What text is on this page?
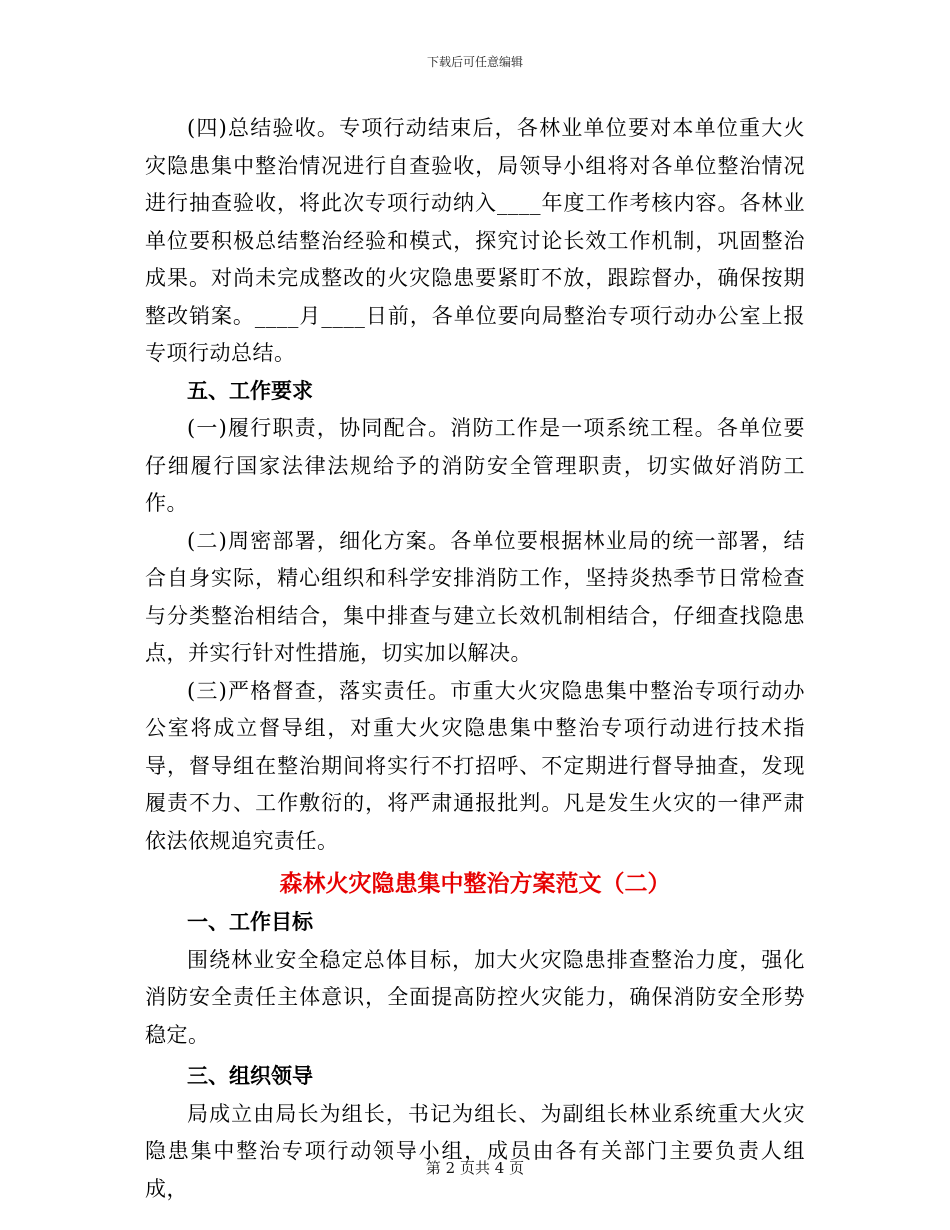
下载后可任意编辑

(四)总结验收。专项行动结束后，各林业单位要对本单位重大火灾隐患集中整治情况进行自查验收，局领导小组将对各单位整治情况进行抽查验收，将此次专项行动纳入____年度工作考核内容。各林业单位要积极总结整治经验和模式，探究讨论长效工作机制，巩固整治成果。对尚未完成整改的火灾隐患要紧盯不放，跟踪督办，确保按期整改销案。____月____日前，各单位要向局整治专项行动办公室上报专项行动总结。

五、工作要求

(一)履行职责，协同配合。消防工作是一项系统工程。各单位要仔细履行国家法律法规给予的消防安全管理职责，切实做好消防工作。

(二)周密部署，细化方案。各单位要根据林业局的统一部署，结合自身实际，精心组织和科学安排消防工作，坚持炎热季节日常检查与分类整治相结合，集中排查与建立长效机制相结合，仔细查找隐患点，并实行针对性措施，切实加以解决。

(三)严格督查，落实责任。市重大火灾隐患集中整治专项行动办公室将成立督导组，对重大火灾隐患集中整治专项行动进行技术指导，督导组在整治期间将实行不打招呼、不定期进行督导抽查，发现履责不力、工作敷衍的，将严肃通报批判。凡是发生火灾的一律严肃依法依规追究责任。

森林火灾隐患集中整治方案范文（二）

一、工作目标

围绕林业安全稳定总体目标，加大火灾隐患排查整治力度，强化消防安全责任主体意识，全面提高防控火灾能力，确保消防安全形势稳定。

三、组织领导

局成立由局长为组长，书记为组长、为副组长林业系统重大火灾隐患集中整治专项行动领导小组，成员由各有关部门主要负责人组成，

第 2 页共 4 页
